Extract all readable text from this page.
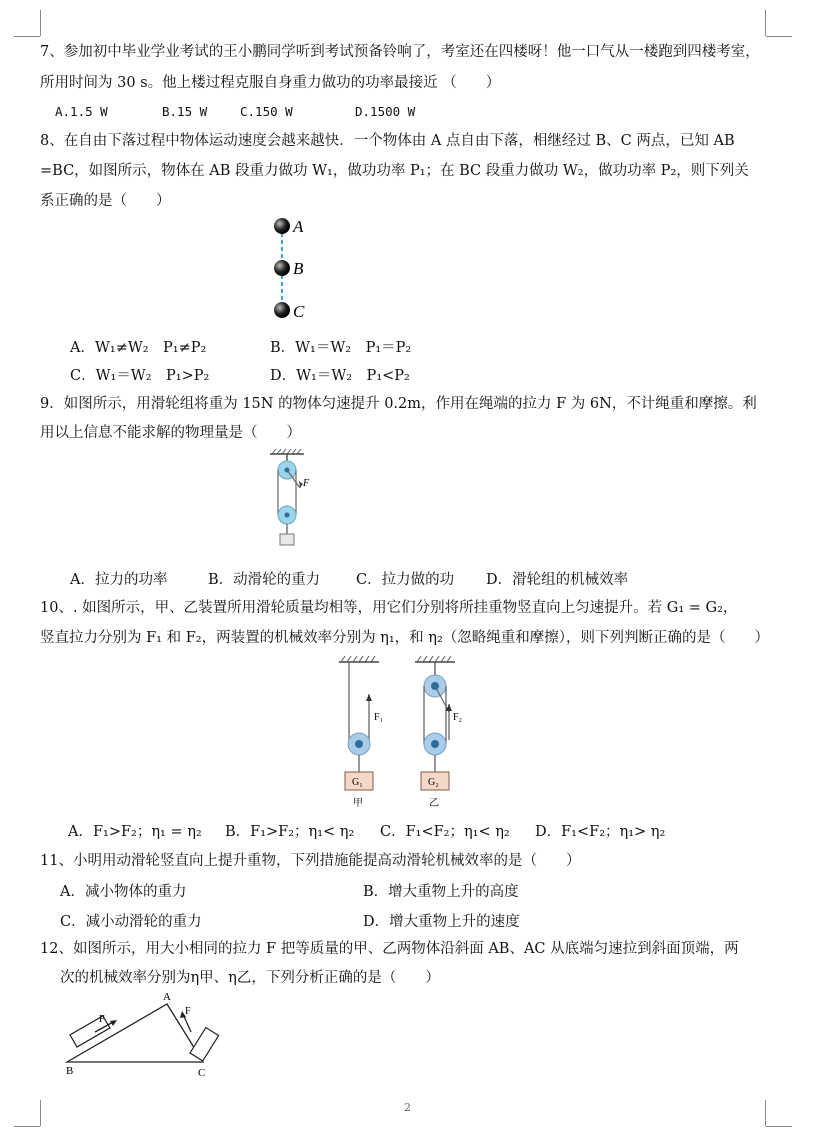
7、参加初中毕业学业考试的王小鹏同学听到考试预备铃响了，考室还在四楼呀！他一口气从一楼跑到四楼考室，
所用时间为 30 s。他上楼过程克服自身重力做功的功率最接近 （　　）
A.1.5 W	B.15 W	C.150 W	D.1500 W
8、在自由下落过程中物体运动速度会越来越快．一个物体由 A 点自由下落，相继经过 B、C 两点，已知 AB
=BC，如图所示，物体在 AB 段重力做功 W₁，做功功率 P₁；在 BC 段重力做功 W₂，做功功率 P₂，则下列关
系正确的是（　　）
A
B
C
A．W₁≠W₂　P₁≠P₂	B．W₁＝W₂　P₁＝P₂
C．W₁＝W₂　P₁>P₂	D．W₁＝W₂　P₁<P₂
9．如图所示，用滑轮组将重为 15N 的物体匀速提升 0.2m，作用在绳端的拉力 F 为 6N，不计绳重和摩擦。利
用以上信息不能求解的物理量是（　　）
F
A．拉力的功率	B．动滑轮的重力 C．拉力做的功 D．滑轮组的机械效率
10、. 如图所示，甲、乙装置所用滑轮质量均相等，用它们分别将所挂重物竖直向上匀速提升。若 G₁ = G₂，
竖直拉力分别为 F₁ 和 F₂，两装置的机械效率分别为 η₁，和 η₂（忽略绳重和摩擦），则下列判断正确的是（　　）
F₁
G₁
甲
F₂
G₂
乙
A．F₁>F₂；η₁ = η₂ B．F₁>F₂；η₁< η₂ C．F₁<F₂；η₁< η₂ D．F₁<F₂；η₁> η₂
11、小明用动滑轮竖直向上提升重物，下列措施能提高动滑轮机械效率的是（　　）
A．减小物体的重力	B．增大重物上升的高度
C．减小动滑轮的重力	D．增大重物上升的速度
12、如图所示，用大小相同的拉力 F 把等质量的甲、乙两物体沿斜面 AB、AC 从底端匀速拉到斜面顶端，两
次的机械效率分别为η甲、η乙，下列分析正确的是（　　）
A
B	C
F
F
2
